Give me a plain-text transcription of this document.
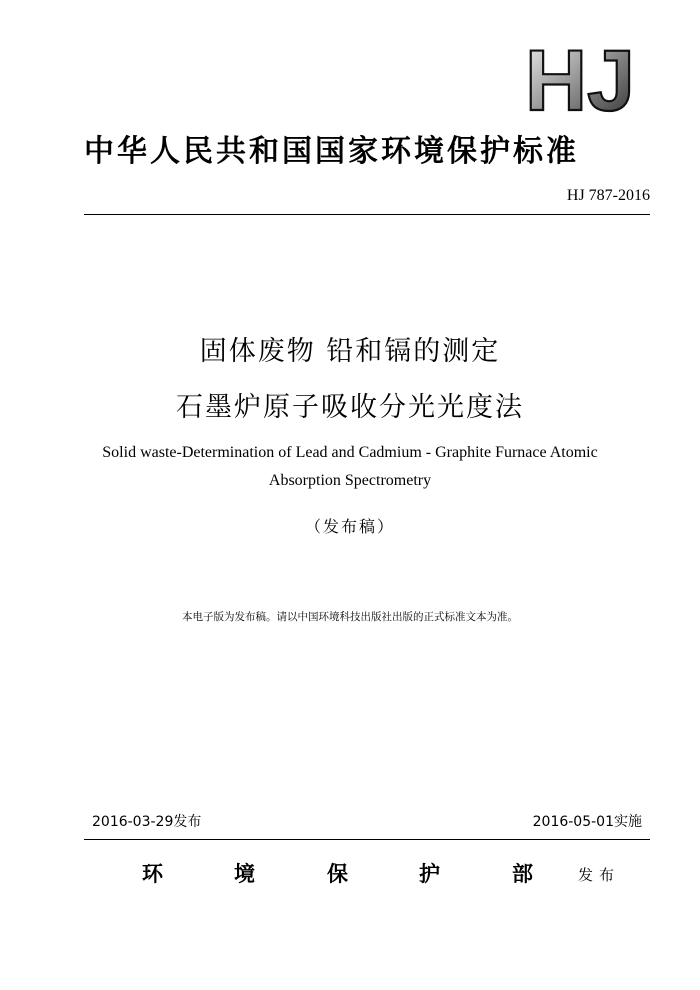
HJ
中华人民共和国国家环境保护标准
HJ 787-2016
固体废物 铅和镉的测定
石墨炉原子吸收分光光度法
Solid waste-Determination of Lead and Cadmium - Graphite Furnace Atomic
Absorption Spectrometry
（发布稿）
本电子版为发布稿。请以中国环境科技出版社出版的正式标准文本为准。
2016-03-29发布	2016-05-01实施
环	境	保	护	部	发布
